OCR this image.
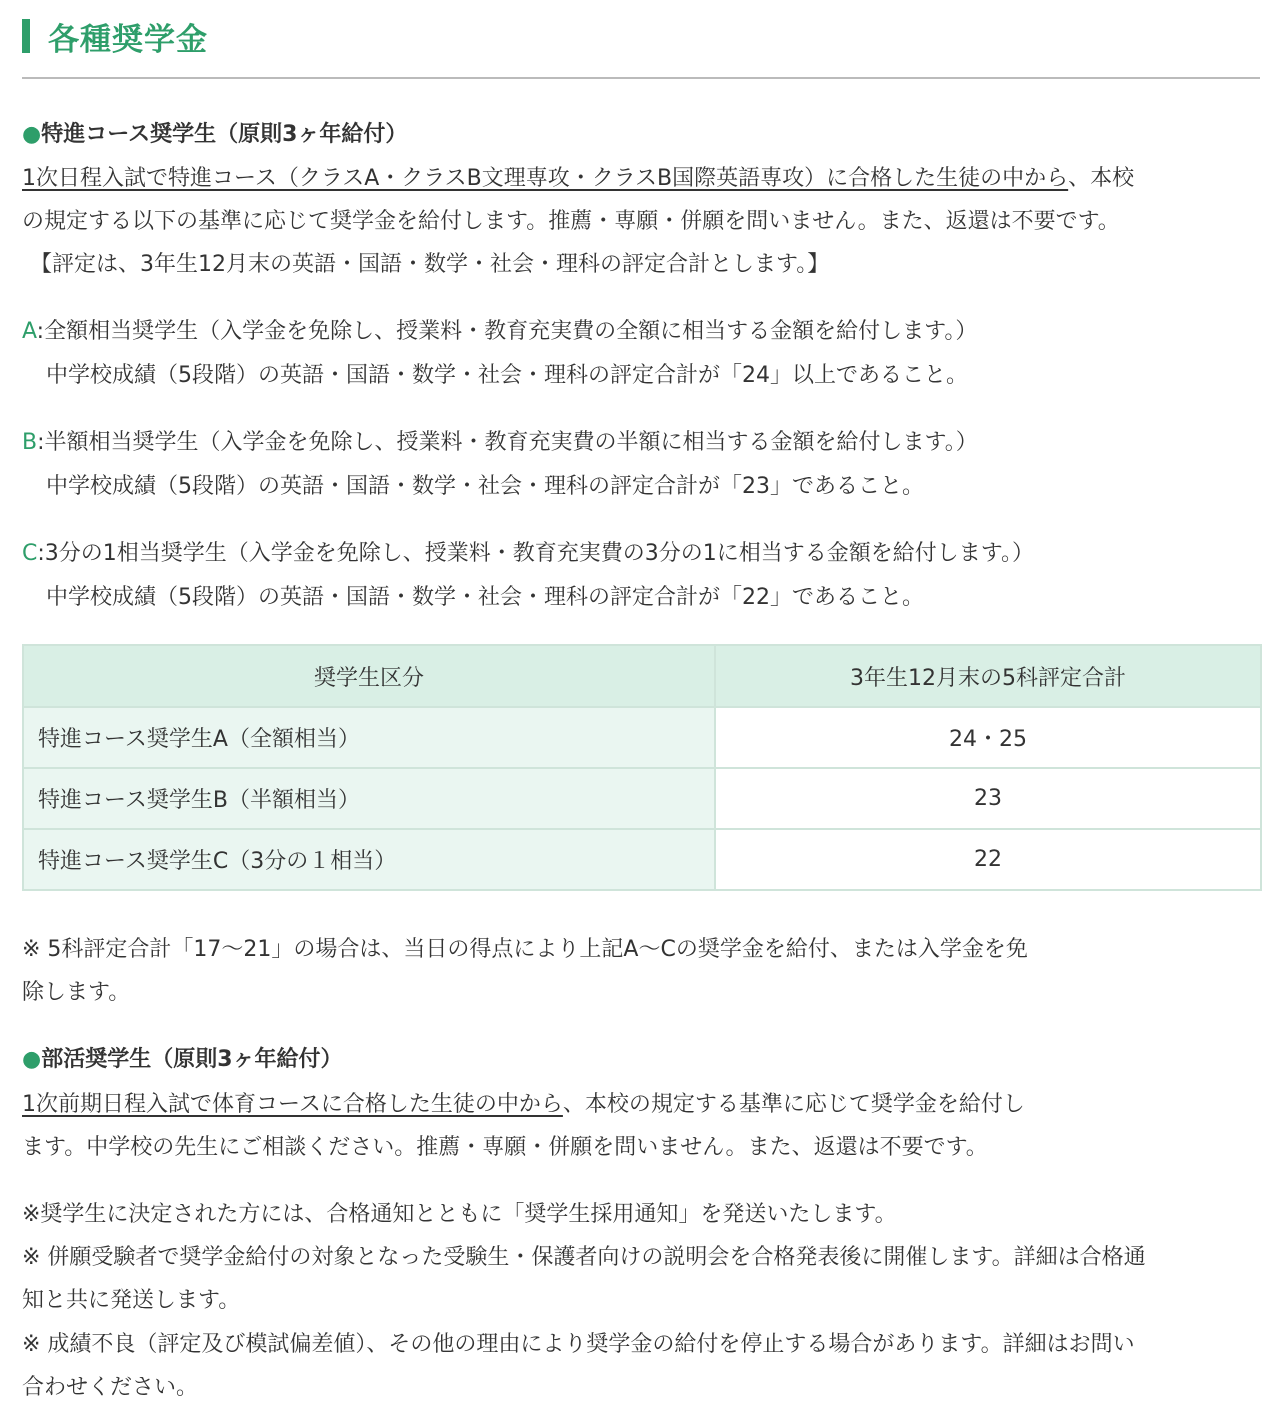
各種奨学金
●特進コース奨学生（原則3ヶ年給付）
1次日程入試で特進コース（クラスA・クラスB文理専攻・クラスB国際英語専攻）に合格した生徒の中から、本校
の規定する以下の基準に応じて奨学金を給付します。推薦・専願・併願を問いません。また、返還は不要です。
【評定は、3年生12月末の英語・国語・数学・社会・理科の評定合計とします。】
A:全額相当奨学生（入学金を免除し、授業料・教育充実費の全額に相当する金額を給付します。）
中学校成績（5段階）の英語・国語・数学・社会・理科の評定合計が「24」以上であること。
B:半額相当奨学生（入学金を免除し、授業料・教育充実費の半額に相当する金額を給付します。）
中学校成績（5段階）の英語・国語・数学・社会・理科の評定合計が「23」であること。
C:3分の1相当奨学生（入学金を免除し、授業料・教育充実費の3分の1に相当する金額を給付します。）
中学校成績（5段階）の英語・国語・数学・社会・理科の評定合計が「22」であること。
奨学生区分	3年生12月末の5科評定合計
特進コース奨学生A（全額相当）	24・25
特進コース奨学生B（半額相当）	23
特進コース奨学生C（3分の１相当）	22
※ 5科評定合計「17〜21」の場合は、当日の得点により上記A〜Cの奨学金を給付、または入学金を免
除します。
●部活奨学生（原則3ヶ年給付）
1次前期日程入試で体育コースに合格した生徒の中から、本校の規定する基準に応じて奨学金を給付し
ます。中学校の先生にご相談ください。推薦・専願・併願を問いません。また、返還は不要です。
※奨学生に決定された方には、合格通知とともに「奨学生採用通知」を発送いたします。
※ 併願受験者で奨学金給付の対象となった受験生・保護者向けの説明会を合格発表後に開催します。詳細は合格通
知と共に発送します。
※ 成績不良（評定及び模試偏差値）、その他の理由により奨学金の給付を停止する場合があります。詳細はお問い
合わせください。
